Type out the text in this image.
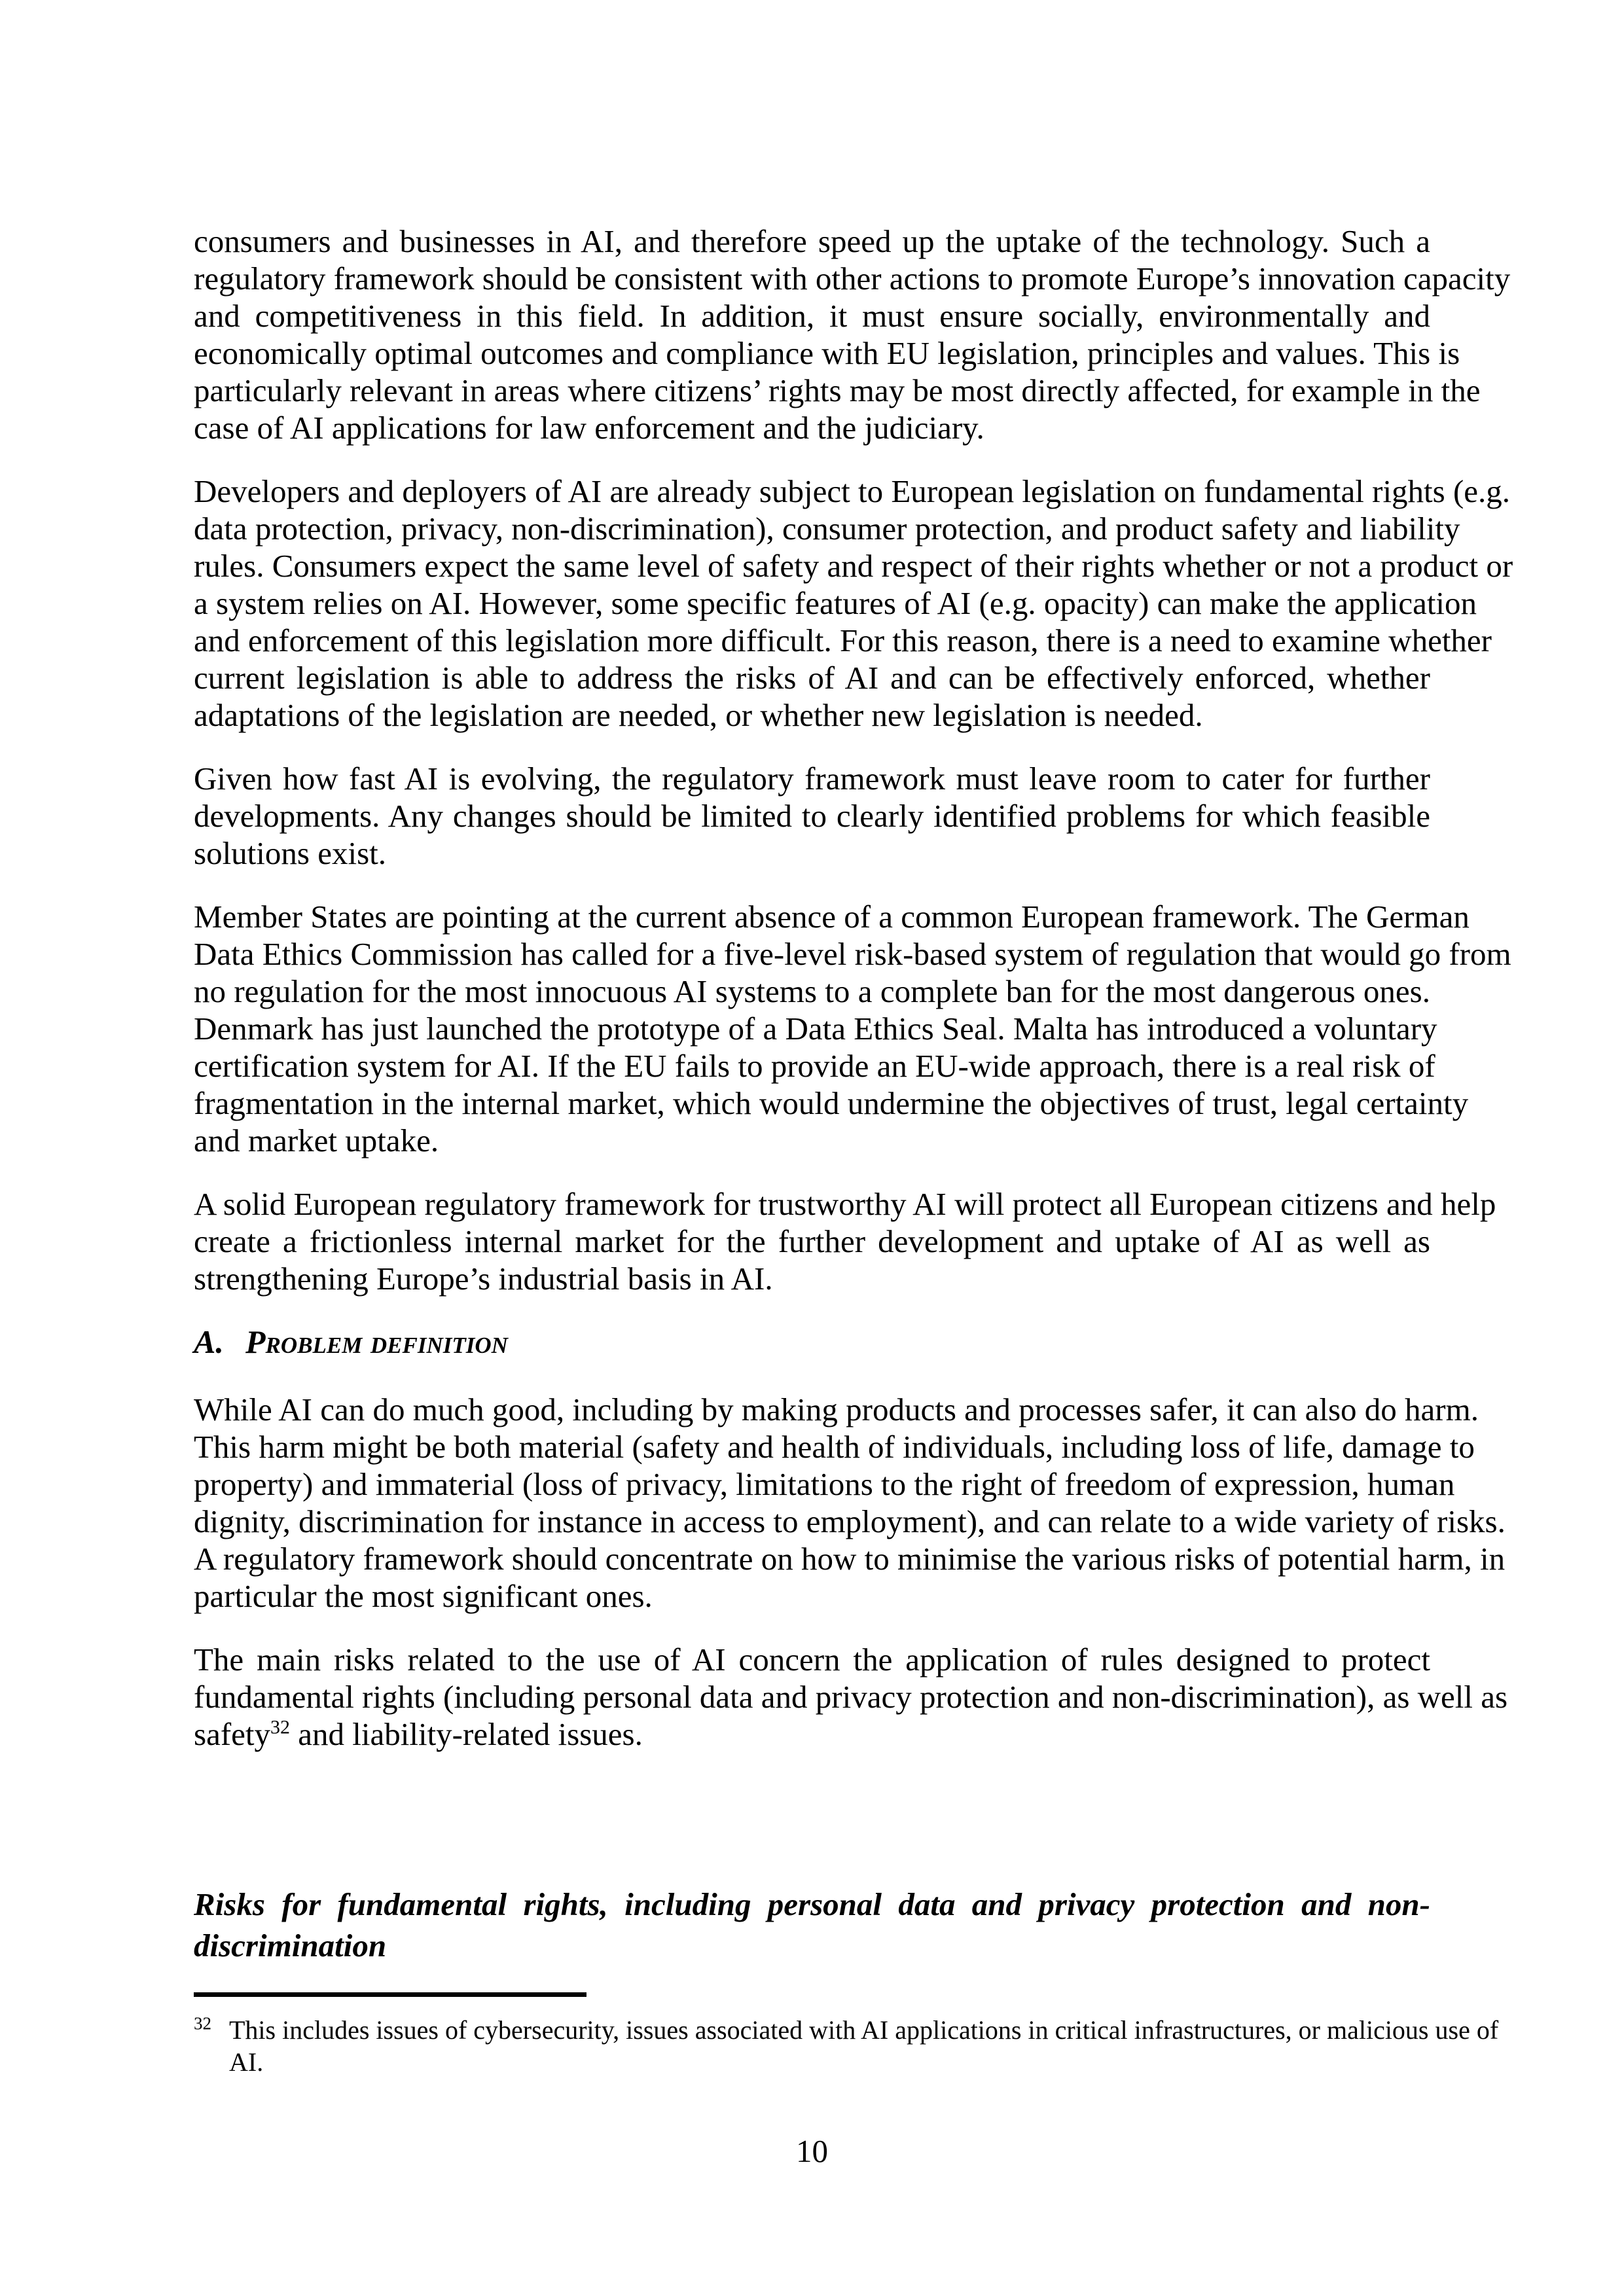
consumers and businesses in AI, and therefore speed up the uptake of the technology. Such a
regulatory framework should be consistent with other actions to promote Europe’s innovation capacity
and competitiveness in this field. In addition, it must ensure socially, environmentally and
economically optimal outcomes and compliance with EU legislation, principles and values. This is
particularly relevant in areas where citizens’ rights may be most directly affected, for example in the
case of AI applications for law enforcement and the judiciary.
Developers and deployers of AI are already subject to European legislation on fundamental rights (e.g.
data protection, privacy, non-discrimination), consumer protection, and product safety and liability
rules. Consumers expect the same level of safety and respect of their rights whether or not a product or
a system relies on AI. However, some specific features of AI (e.g. opacity) can make the application
and enforcement of this legislation more difficult. For this reason, there is a need to examine whether
current legislation is able to address the risks of AI and can be effectively enforced, whether
adaptations of the legislation are needed, or whether new legislation is needed.
Given how fast AI is evolving, the regulatory framework must leave room to cater for further
developments. Any changes should be limited to clearly identified problems for which feasible
solutions exist.
Member States are pointing at the current absence of a common European framework. The German
Data Ethics Commission has called for a five-level risk-based system of regulation that would go from
no regulation for the most innocuous AI systems to a complete ban for the most dangerous ones.
Denmark has just launched the prototype of a Data Ethics Seal. Malta has introduced a voluntary
certification system for AI. If the EU fails to provide an EU-wide approach, there is a real risk of
fragmentation in the internal market, which would undermine the objectives of trust, legal certainty
and market uptake.
A solid European regulatory framework for trustworthy AI will protect all European citizens and help
create a frictionless internal market for the further development and uptake of AI as well as
strengthening Europe’s industrial basis in AI.
A. Problem definition
While AI can do much good, including by making products and processes safer, it can also do harm.
This harm might be both material (safety and health of individuals, including loss of life, damage to
property) and immaterial (loss of privacy, limitations to the right of freedom of expression, human
dignity, discrimination for instance in access to employment), and can relate to a wide variety of risks.
A regulatory framework should concentrate on how to minimise the various risks of potential harm, in
particular the most significant ones.
The main risks related to the use of AI concern the application of rules designed to protect
fundamental rights (including personal data and privacy protection and non-discrimination), as well as
safety$^{32}$ and liability-related issues.
Risks for fundamental rights, including personal data and privacy protection and non-
discrimination
$^{32}$ This includes issues of cybersecurity, issues associated with AI applications in critical infrastructures, or malicious use of
AI.
10
